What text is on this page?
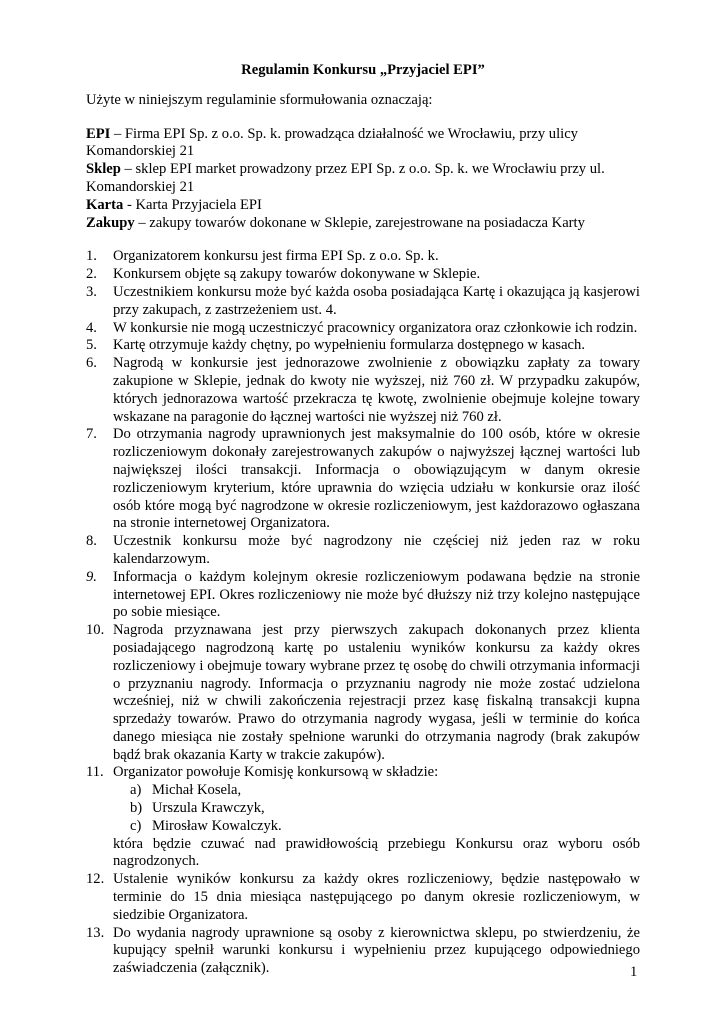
Regulamin Konkursu „Przyjaciel EPI”

Użyte w niniejszym regulaminie sformułowania oznaczają:

EPI – Firma EPI Sp. z o.o. Sp. k. prowadząca działalność we Wrocławiu, przy ulicy Komandorskiej 21

Sklep – sklep EPI market prowadzony przez EPI Sp. z o.o. Sp. k. we Wrocławiu przy ul. Komandorskiej 21

Karta - Karta Przyjaciela EPI

Zakupy – zakupy towarów dokonane w Sklepie, zarejestrowane na posiadacza Karty

1.	Organizatorem konkursu jest firma EPI Sp. z o.o. Sp. k.
2.	Konkursem objęte są zakupy towarów dokonywane w Sklepie.
3.	Uczestnikiem konkursu może być każda osoba posiadająca Kartę i okazująca ją kasjerowi przy zakupach, z zastrzeżeniem ust. 4.
4.	W konkursie nie mogą uczestniczyć pracownicy organizatora oraz członkowie ich rodzin.
5.	Kartę otrzymuje każdy chętny, po wypełnieniu formularza dostępnego w kasach.
6.	Nagrodą w konkursie jest jednorazowe zwolnienie z obowiązku zapłaty za towary zakupione w Sklepie, jednak do kwoty nie wyższej, niż 760 zł. W przypadku zakupów, których jednorazowa wartość przekracza tę kwotę, zwolnienie obejmuje kolejne towary wskazane na paragonie do łącznej wartości nie wyższej niż 760 zł.
7.	Do otrzymania nagrody uprawnionych jest maksymalnie do 100 osób, które w okresie rozliczeniowym dokonały zarejestrowanych zakupów o najwyższej łącznej wartości lub największej ilości transakcji. Informacja o obowiązującym w danym okresie rozliczeniowym kryterium, które uprawnia do wzięcia udziału w konkursie oraz ilość osób które mogą być nagrodzone w okresie rozliczeniowym, jest każdorazowo ogłaszana na stronie internetowej Organizatora.
8.	Uczestnik konkursu może być nagrodzony nie częściej niż jeden raz w roku kalendarzowym.
9.	Informacja o każdym kolejnym okresie rozliczeniowym podawana będzie na stronie internetowej EPI. Okres rozliczeniowy nie może być dłuższy niż trzy kolejno następujące po sobie miesiące.
10. Nagroda przyznawana jest przy pierwszych zakupach dokonanych przez klienta posiadającego nagrodzoną kartę po ustaleniu wyników konkursu za każdy okres rozliczeniowy i obejmuje towary wybrane przez tę osobę do chwili otrzymania informacji o przyznaniu nagrody. Informacja o przyznaniu nagrody nie może zostać udzielona wcześniej, niż w chwili zakończenia rejestracji przez kasę fiskalną transakcji kupna sprzedaży towarów. Prawo do otrzymania nagrody wygasa, jeśli w terminie do końca danego miesiąca nie zostały spełnione warunki do otrzymania nagrody (brak zakupów bądź brak okazania Karty w trakcie zakupów).
11. Organizator powołuje Komisję konkursową w składzie:
a) Michał Kosela,
b) Urszula Krawczyk,
c) Mirosław Kowalczyk.

która będzie czuwać nad prawidłowością przebiegu Konkursu oraz wyboru osób nagrodzonych.

12. Ustalenie wyników konkursu za każdy okres rozliczeniowy, będzie następowało w terminie do 15 dnia miesiąca następującego po danym okresie rozliczeniowym, w siedzibie Organizatora.
13. Do wydania nagrody uprawnione są osoby z kierownictwa sklepu, po stwierdzeniu, że kupujący spełnił warunki konkursu i wypełnieniu przez kupującego odpowiedniego zaświadczenia (załącznik).	1
